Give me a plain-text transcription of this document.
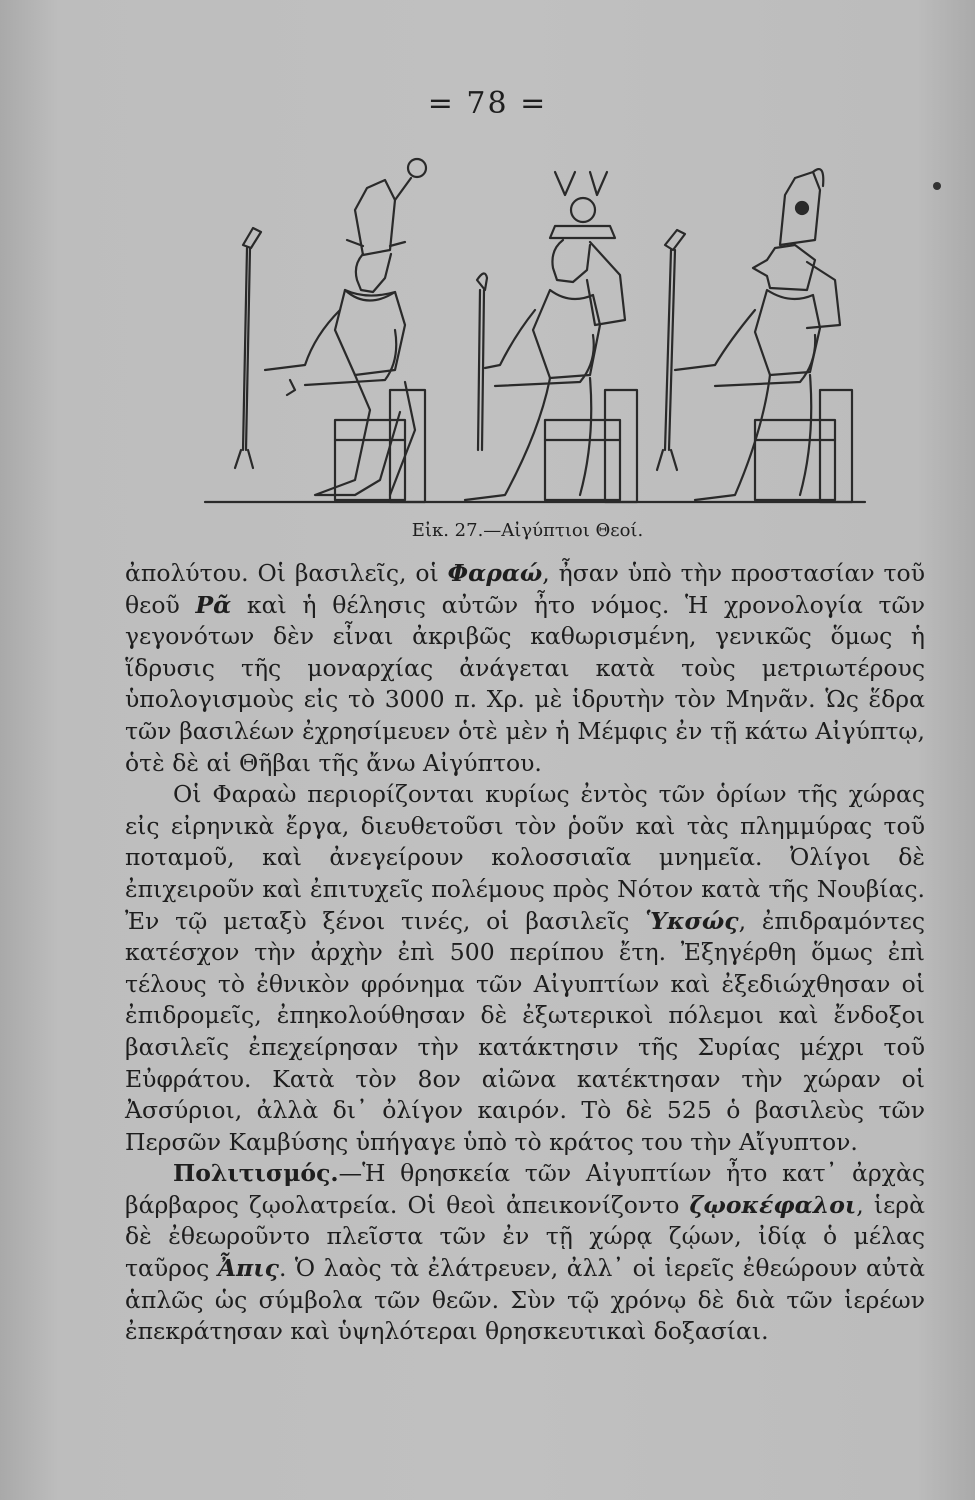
= 78 =
Εἰκ. 27.—Αἰγύπτιοι Θεοί.

ἀπολύτου. Οἱ βασιλεῖς, οἱ Φαραώ, ἦσαν ὑπὸ τὴν προστασίαν τοῦ θεοῦ Ρᾶ καὶ ἡ θέλησις αὐτῶν ἦτο νόμος. Ἡ χρονολογία τῶν γεγονότων δὲν εἶναι ἀκριβῶς καθωρισμένη, γενικῶς ὅμως ἡ ἵδρυσις τῆς μοναρχίας ἀνάγεται κατὰ τοὺς μετριωτέρους ὑπολογισμοὺς εἰς τὸ 3000 π. Χρ. μὲ ἱδρυτὴν τὸν Μηνᾶν. Ὡς ἕδρα τῶν βασιλέων ἐχρησίμευεν ὁτὲ μὲν ἡ Μέμφις ἐν τῇ κάτω Αἰγύπτῳ, ὁτὲ δὲ αἱ Θῆβαι τῆς ἄνω Αἰγύπτου.

Οἱ Φαραὼ περιορίζονται κυρίως ἐντὸς τῶν ὁρίων τῆς χώρας εἰς εἰρηνικὰ ἔργα, διευθετοῦσι τὸν ῥοῦν καὶ τὰς πλημμύρας τοῦ ποταμοῦ, καὶ ἀνεγείρουν κολοσσιαῖα μνημεῖα. Ὀλίγοι δὲ ἐπιχειροῦν καὶ ἐπιτυχεῖς πολέμους πρὸς Νότον κατὰ τῆς Νουβίας. Ἐν τῷ μεταξὺ ξένοι τινές, οἱ βασιλεῖς Ὑκσώς, ἐπιδραμόντες κατέσχον τὴν ἀρχὴν ἐπὶ 500 περίπου ἔτη. Ἐξηγέρθη ὅμως ἐπὶ τέλους τὸ ἐθνικὸν φρόνημα τῶν Αἰγυπτίων καὶ ἐξεδιώχθησαν οἱ ἐπιδρομεῖς, ἐπηκολούθησαν δὲ ἐξωτερικοὶ πόλεμοι καὶ ἔνδοξοι βασιλεῖς ἐπεχείρησαν τὴν κατάκτησιν τῆς Συρίας μέχρι τοῦ Εὐφράτου. Κατὰ τὸν 8ον αἰῶνα κατέκτησαν τὴν χώραν οἱ Ἀσσύριοι, ἀλλὰ δι᾽ ὀλίγον καιρόν. Τὸ δὲ 525 ὁ βασιλεὺς τῶν Περσῶν Καμβύσης ὑπήγαγε ὑπὸ τὸ κράτος του τὴν Αἴγυπτον.

Πολιτισμός.—Ἡ θρησκεία τῶν Αἰγυπτίων ἦτο κατ᾽ ἀρχὰς βάρβαρος ζῳολατρεία. Οἱ θεοὶ ἀπεικονίζοντο ζῳοκέφαλοι, ἱερὰ δὲ ἐθεωροῦντο πλεῖστα τῶν ἐν τῇ χώρᾳ ζῴων, ἰδίᾳ ὁ μέλας ταῦρος Ἆπις. Ὁ λαὸς τὰ ἐλάτρευεν, ἀλλ᾽ οἱ ἱερεῖς ἐθεώρουν αὐτὰ ἁπλῶς ὡς σύμβολα τῶν θεῶν. Σὺν τῷ χρόνῳ δὲ διὰ τῶν ἱερέων ἐπεκράτησαν καὶ ὑψηλότεραι θρησκευτικαὶ δοξασίαι.
